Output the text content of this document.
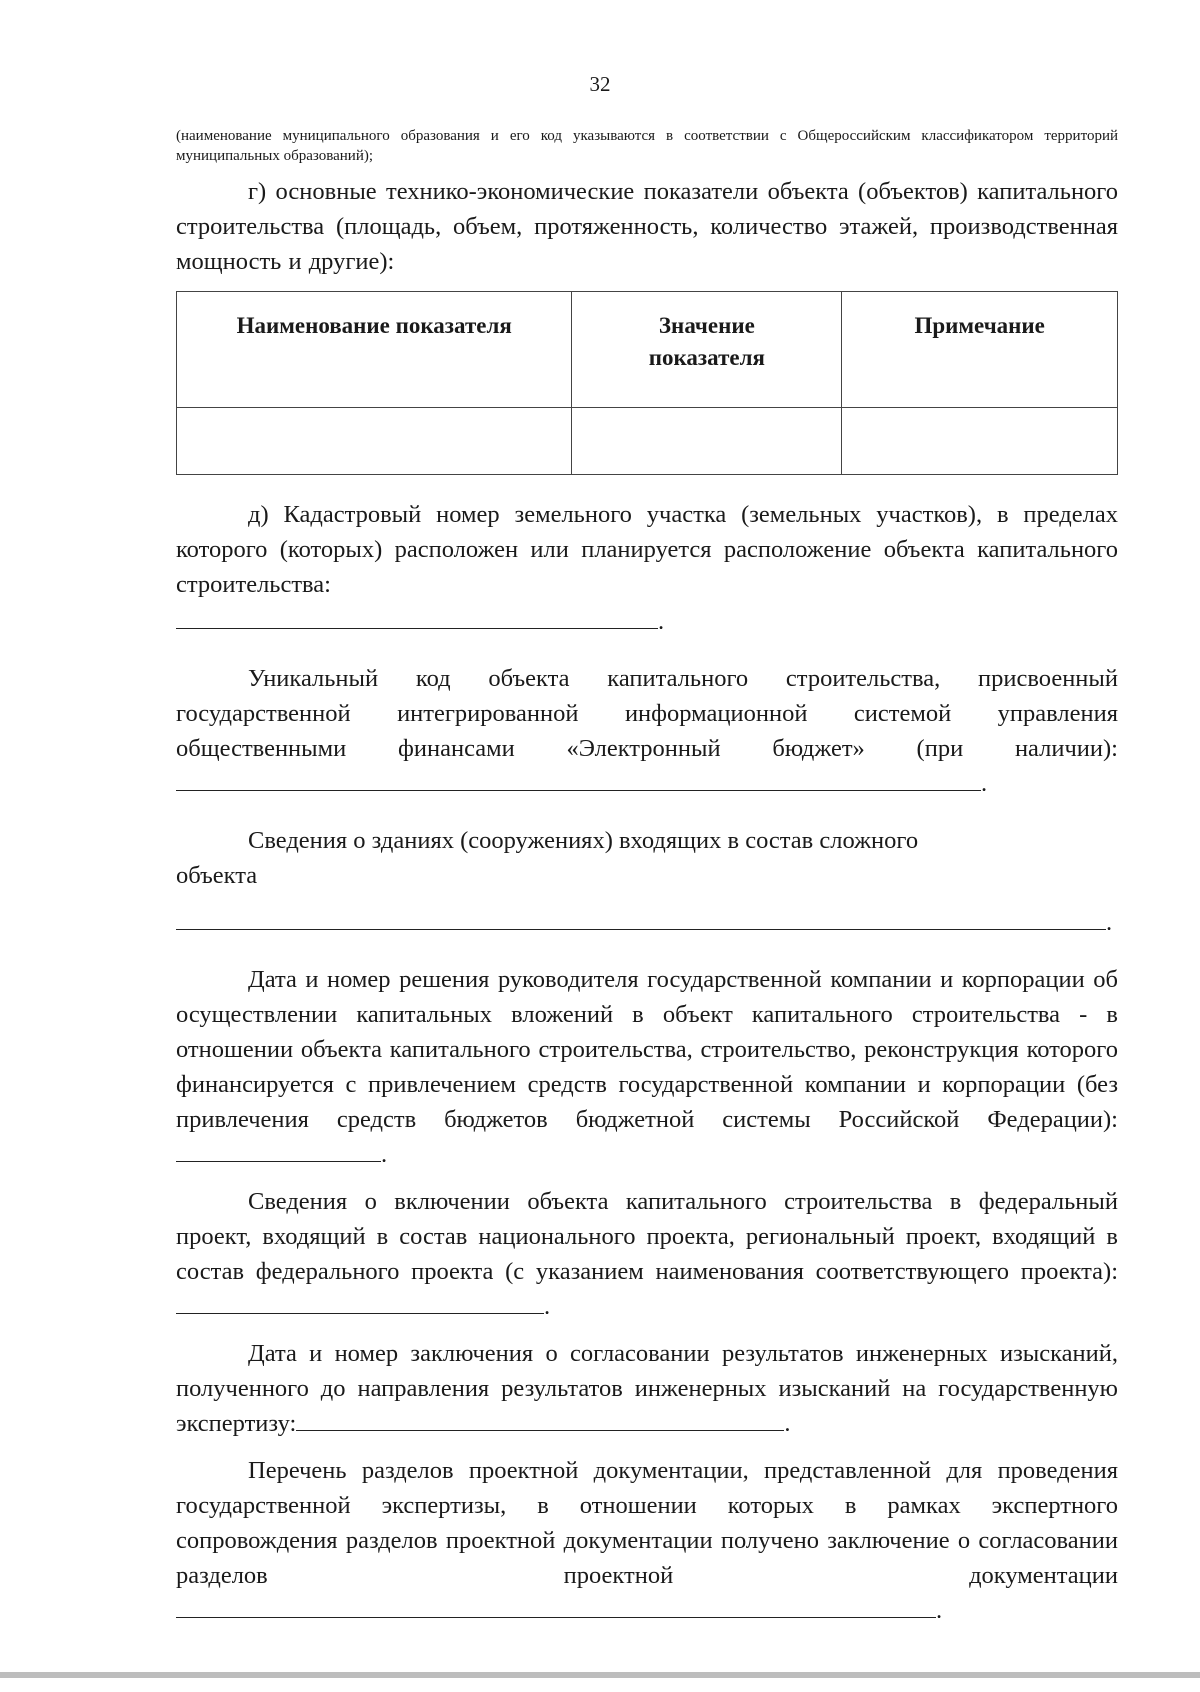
32

(наименование муниципального образования и его код указываются в соответствии с Общероссийским классификатором территорий муниципальных образований);

г) основные технико-экономические показатели объекта (объектов) капитального строительства (площадь, объем, протяженность, количество этажей, производственная мощность и другие):

Наименование показателя	Значение показателя	Примечание

д) Кадастровый номер земельного участка (земельных участков), в пределах которого (которых) расположен или планируется расположение объекта капитального строительства:

.

Уникальный код объекта капитального строительства, присвоенный государственной интегрированной информационной системой управления общественными финансами «Электронный бюджет» (при наличии):.

Сведения о зданиях (сооружениях) входящих в состав сложного
объекта
.

Дата и номер решения руководителя государственной компании и корпорации об осуществлении капитальных вложений в объект капитального строительства - в отношении объекта капитального строительства, строительство, реконструкция которого финансируется с привлечением средств государственной компании и корпорации (без привлечения средств бюджетов бюджетной системы Российской Федерации):.

Сведения о включении объекта капитального строительства в федеральный проект, входящий в состав национального проекта, региональный проект, входящий в состав федерального проекта (с указанием наименования соответствующего проекта):.

Дата и номер заключения о согласовании результатов инженерных изысканий, полученного до направления результатов инженерных изысканий на государственную экспертизу:	.

Перечень разделов проектной документации, представленной для проведения государственной экспертизы, в отношении которых в рамках экспертного сопровождения разделов проектной документации получено заключение о согласовании разделов проектной документации.
